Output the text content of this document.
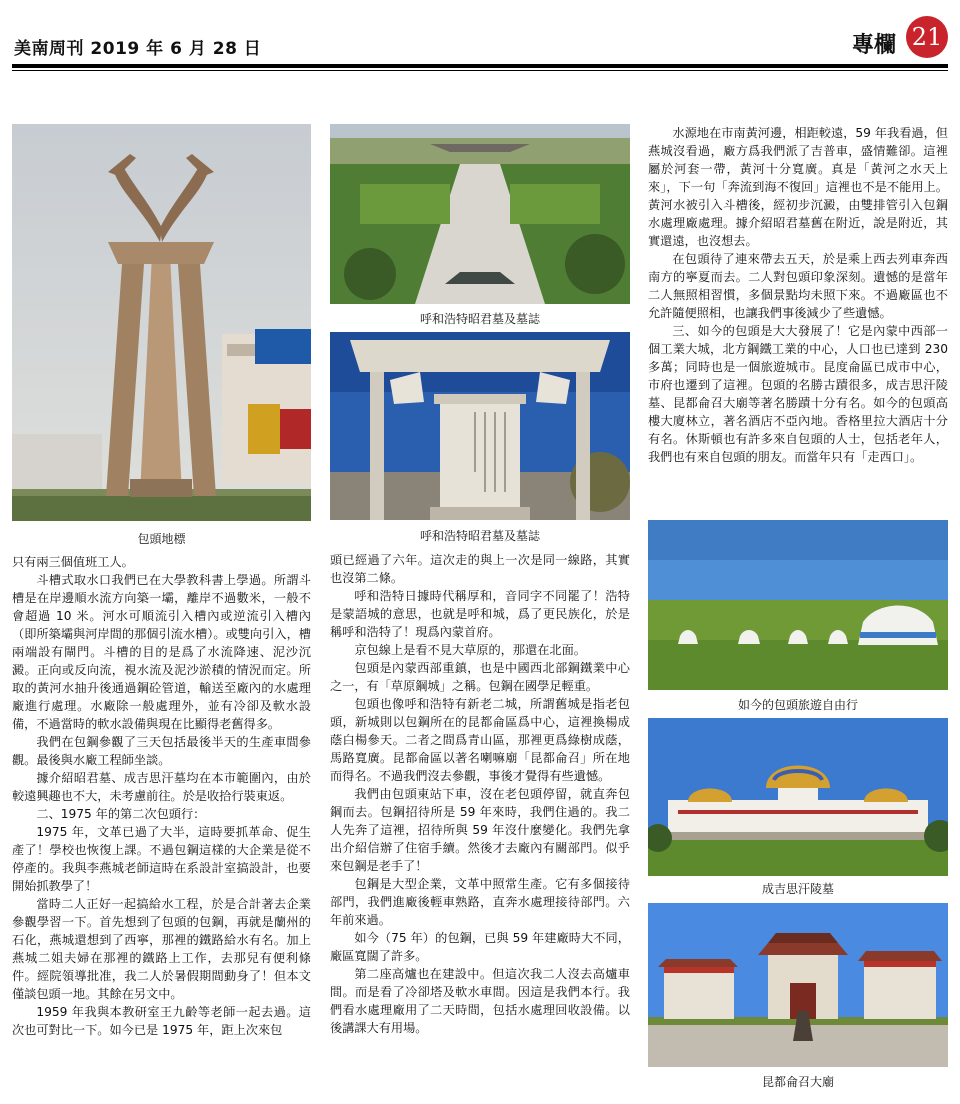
美南周刊 2019 年 6 月 28 日	專欄 21
包頭地標
呼和浩特昭君墓及墓誌
呼和浩特昭君墓及墓誌
如今的包頭旅遊自由行
成吉思汗陵墓
昆都侖召大廟

只有兩三個值班工人。

斗槽式取水口我們已在大學教科書上學過。所謂斗槽是在岸邊順水流方向築一壩，離岸不過數米，一般不會超過 10 米。河水可順流引入槽內或逆流引入槽內（即所築壩與河岸間的那個引流水槽）。或雙向引入，槽兩端設有閘門。斗槽的目的是爲了水流降速、泥沙沉澱。正向或反向流，視水流及泥沙淤積的情況而定。所取的黃河水抽升後通過鋼砼管道，輸送至廠內的水處理廠進行處理。水廠除一般處理外，並有冷卻及軟水設備，不過當時的軟水設備與現在比顯得老舊得多。

我們在包鋼參觀了三天包括最後半天的生產車間參觀。最後與水廠工程師坐談。

據介紹昭君墓、成吉思汗墓均在本市範圍內，由於較遠興趣也不大，未考慮前往。於是收拾行裝東返。

二、1975 年的第二次包頭行：

1975 年，文革已過了大半，這時要抓革命、促生產了！學校也恢復上課。不過包鋼這樣的大企業是從不停產的。我與李燕城老師這時在系設計室搞設計，也要開始抓教學了！

當時二人正好一起搞給水工程，於是合計著去企業參觀學習一下。首先想到了包頭的包鋼，再就是蘭州的石化，燕城還想到了西寧，那裡的鐵路給水有名。加上燕城二姐夫婦在那裡的鐵路上工作，去那兒有便利條件。經院領導批准，我二人於暑假期間動身了！但本文僅談包頭一地。其餘在另文中。

1959 年我與本教研室王九齡等老師一起去過。這次也可對比一下。如今已是 1975 年，距上次來包

頭已經過了六年。這次走的與上一次是同一線路，其實也沒第二條。

呼和浩特日據時代稱厚和，音同字不同罷了！浩特是蒙語城的意思，也就是呼和城，爲了更民族化，於是稱呼和浩特了！現爲內蒙首府。

京包線上是看不見大草原的，那還在北面。

包頭是內蒙西部重鎮，也是中國西北部鋼鐵業中心之一，有「草原鋼城」之稱。包鋼在國學足輕重。

包頭也像呼和浩特有新老二城，所謂舊城是指老包頭，新城則以包鋼所在的昆都侖區爲中心，這裡換楊成蔭白楊參天。二者之間爲青山區，那裡更爲綠樹成蔭，馬路寬廣。昆都侖區以著名喇嘛廟「昆都侖召」所在地而得名。不過我們沒去參觀，事後才覺得有些遺憾。

我們由包頭東站下車，沒在老包頭停留，就直奔包鋼而去。包鋼招待所是 59 年來時，我們住過的。我二人先奔了這裡，招待所與 59 年沒什麼變化。我們先拿出介紹信辦了住宿手續。然後才去廠內有關部門。似乎來包鋼是老手了！

包鋼是大型企業，文革中照常生產。它有多個接待部門，我們進廠後輕車熟路，直奔水處理接待部門。六年前來過。

如今（75 年）的包鋼，已與 59 年建廠時大不同，廠區寬闊了許多。

第二座高爐也在建設中。但這次我二人沒去高爐車間。而是看了冷卻塔及軟水車間。因這是我們本行。我們看水處理廠用了二天時間，包括水處理回收設備。以後講課大有用場。

水源地在市南黃河邊，相距較遠，59 年我看過，但燕城沒看過，廠方爲我們派了吉普車，盛情難卻。這裡屬於河套一帶，黃河十分寬廣。真是「黃河之水天上來」，下一句「奔流到海不復回」這裡也不是不能用上。黃河水被引入斗槽後，經初步沉澱，由雙排管引入包鋼水處理廠處理。據介紹昭君墓舊在附近，說是附近，其實還遠，也沒想去。

在包頭待了連來帶去五天，於是乘上西去列車奔西南方的寧夏而去。二人對包頭印象深刻。遺憾的是當年二人無照相習慣，多個景點均未照下來。不過廠區也不允許隨便照相，也讓我們事後減少了些遺憾。

三、如今的包頭是大大發展了！它是內蒙中西部一個工業大城，北方鋼鐵工業的中心，人口也已達到 230 多萬；同時也是一個旅遊城市。昆度侖區已成市中心，市府也遷到了這裡。包頭的名勝古蹟很多，成吉思汗陵墓、昆都侖召大廟等著名勝蹟十分有名。如今的包頭高樓大廈林立，著名酒店不亞內地。香格里拉大酒店十分有名。休斯頓也有許多來自包頭的人士，包括老年人，我們也有來自包頭的朋友。而當年只有「走西口」。
